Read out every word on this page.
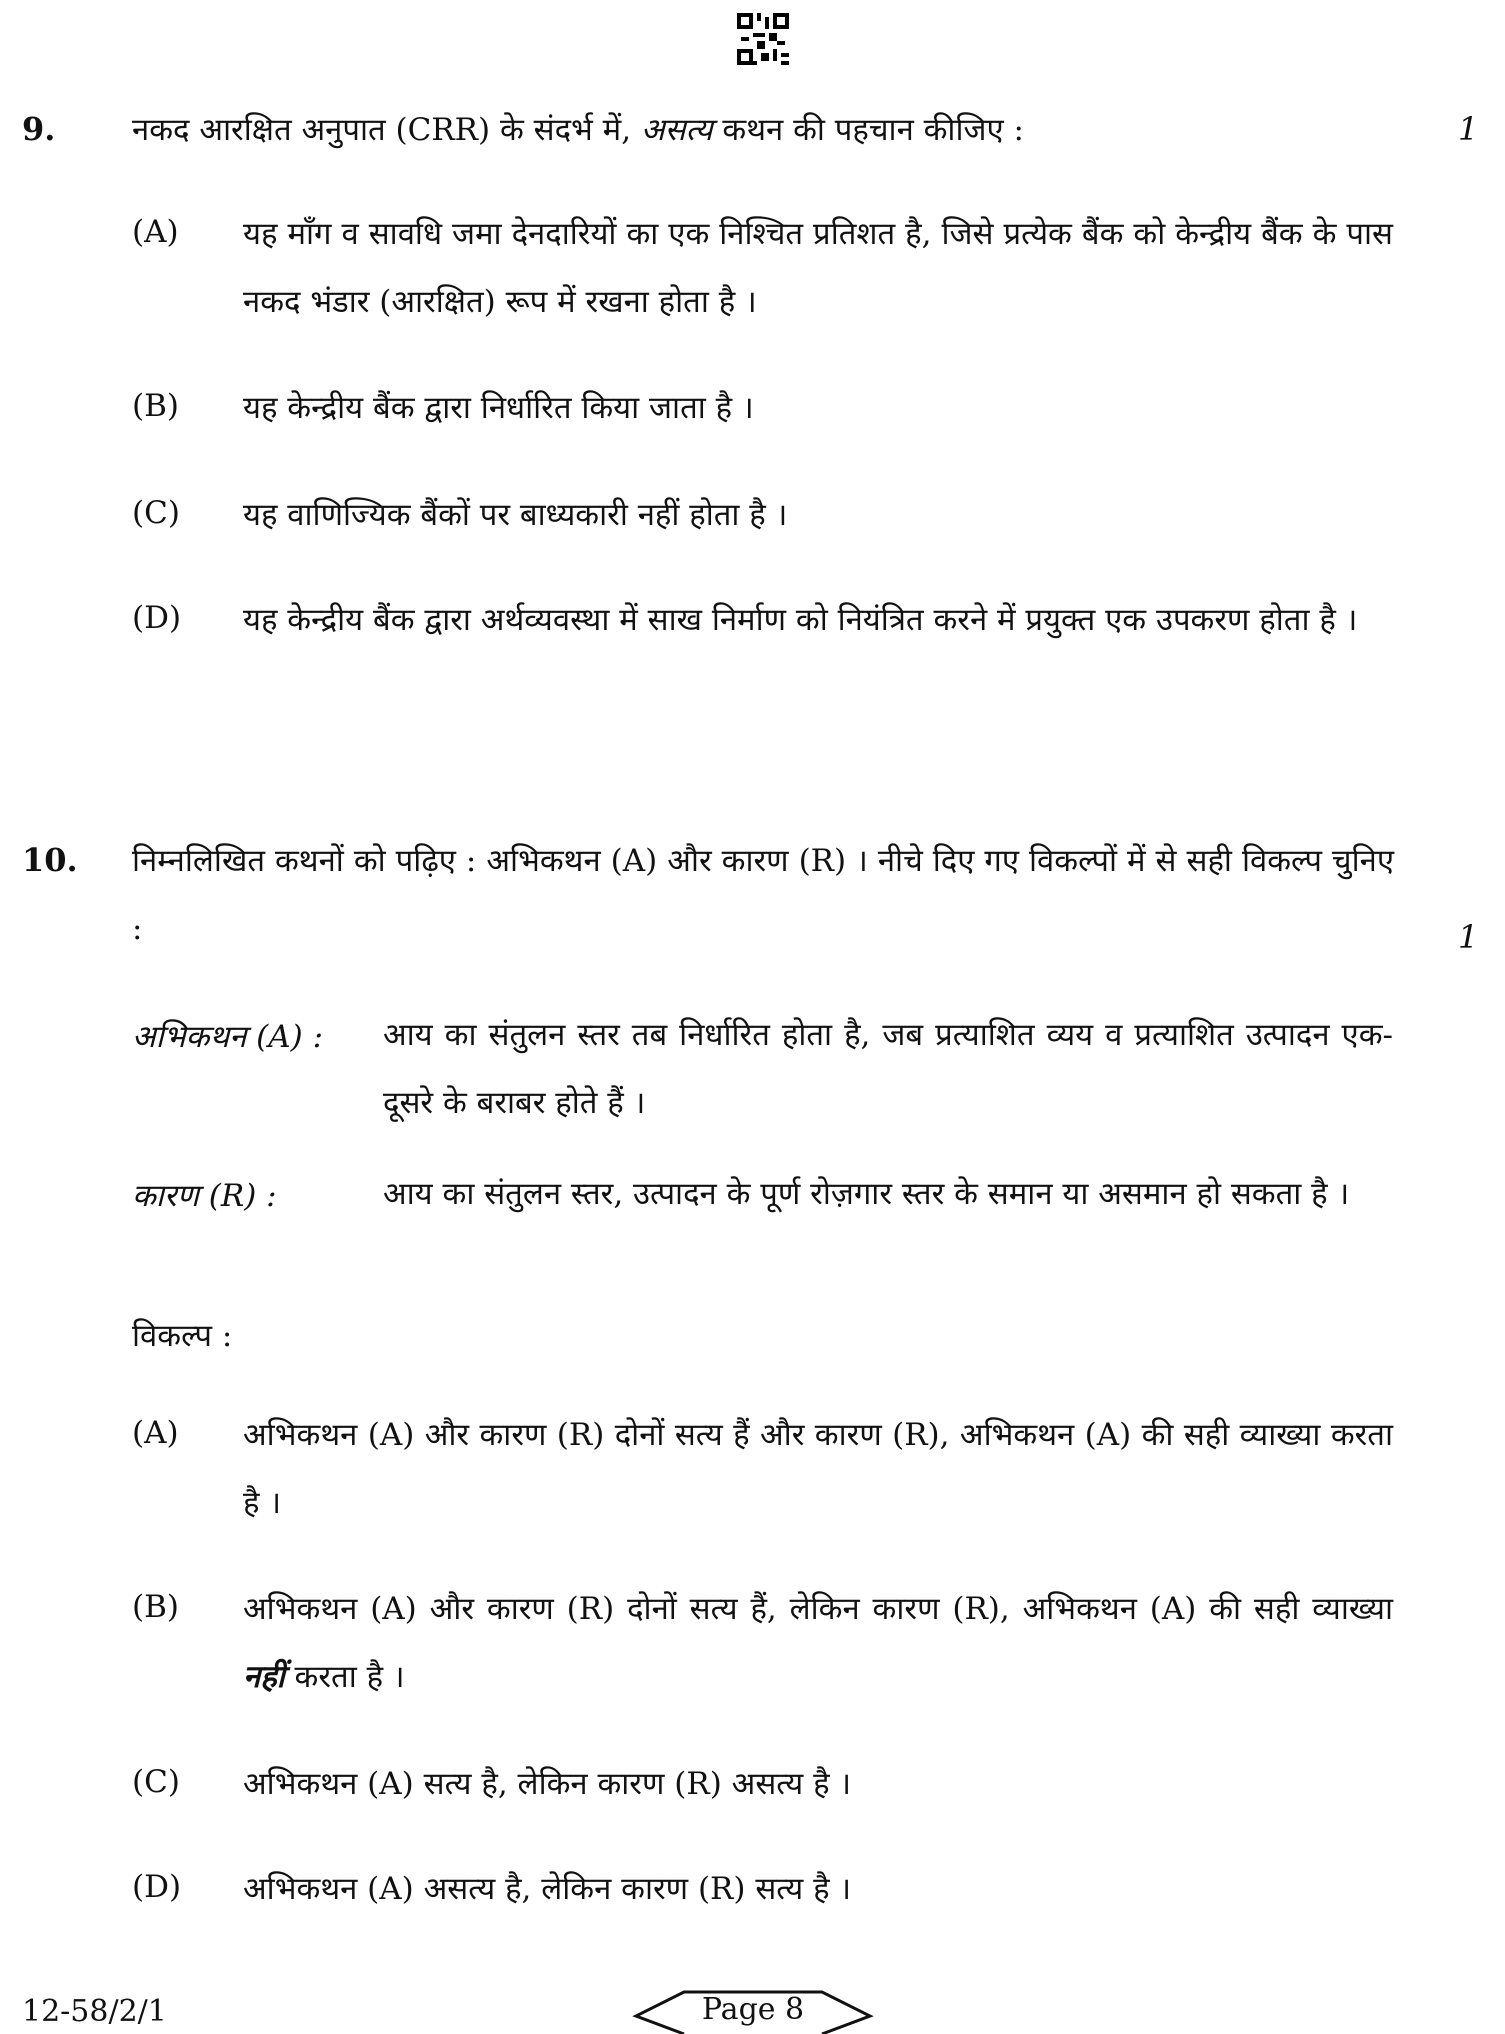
9. नकद आरक्षित अनुपात (CRR) के संदर्भ में, असत्य कथन की पहचान कीजिए :	1
(A) यह माँग व सावधि जमा देनदारियों का एक निश्चित प्रतिशत है, जिसे प्रत्येक बैंक को केन्द्रीय बैंक के पास नकद भंडार (आरक्षित) रूप में रखना होता है ।
(B) यह केन्द्रीय बैंक द्वारा निर्धारित किया जाता है ।
(C) यह वाणिज्यिक बैंकों पर बाध्यकारी नहीं होता है ।
(D) यह केन्द्रीय बैंक द्वारा अर्थव्यवस्था में साख निर्माण को नियंत्रित करने में प्रयुक्त एक उपकरण होता है ।
10. निम्नलिखित कथनों को पढ़िए : अभिकथन (A) और कारण (R) । नीचे दिए गए विकल्पों में से सही विकल्प चुनिए :	1
अभिकथन (A) : आय का संतुलन स्तर तब निर्धारित होता है, जब प्रत्याशित व्यय व प्रत्याशित उत्पादन एक-दूसरे के बराबर होते हैं ।
कारण (R) :	आय का संतुलन स्तर, उत्पादन के पूर्ण रोज़गार स्तर के समान या असमान हो सकता है ।
विकल्प :
(A) अभिकथन (A) और कारण (R) दोनों सत्य हैं और कारण (R), अभिकथन (A) की सही व्याख्या करता है ।
(B) अभिकथन (A) और कारण (R) दोनों सत्य हैं, लेकिन कारण (R), अभिकथन (A) की सही व्याख्या नहीं करता है ।
(C) अभिकथन (A) सत्य है, लेकिन कारण (R) असत्य है ।
(D) अभिकथन (A) असत्य है, लेकिन कारण (R) सत्य है ।
12-58/2/1	Page 8
